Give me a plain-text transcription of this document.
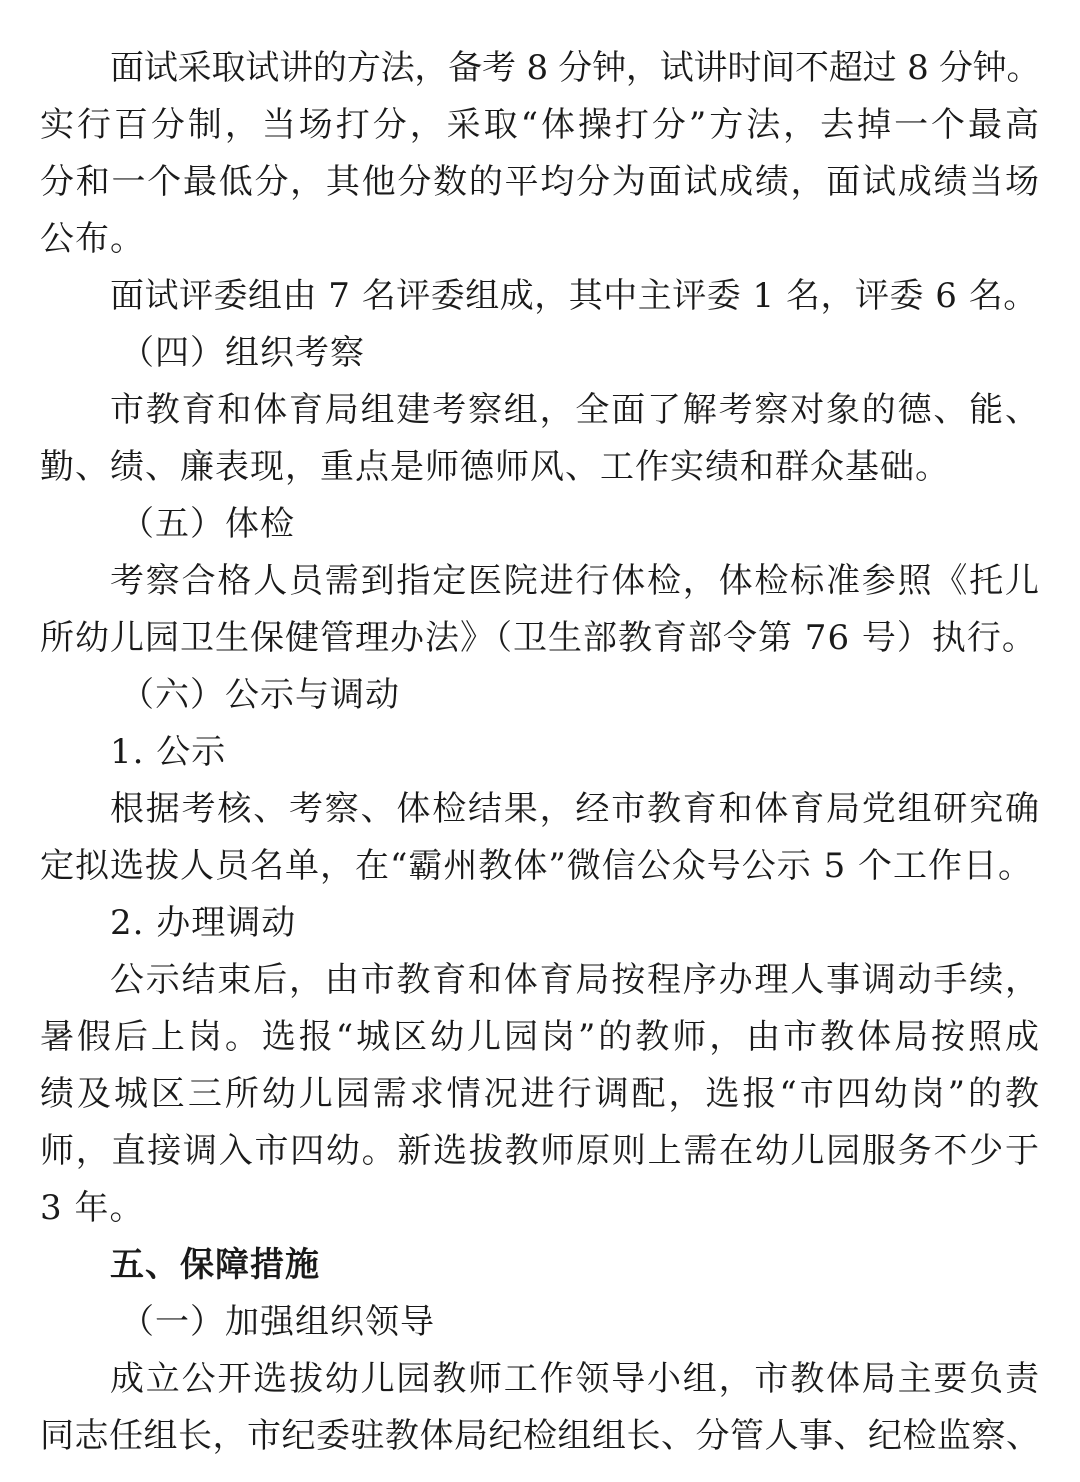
面试采取试讲的方法，备考 8 分钟，试讲时间不超过 8 分钟。
实行百分制，当场打分，采取“体操打分”方法，去掉一个最高
分和一个最低分，其他分数的平均分为面试成绩，面试成绩当场
公布。
面试评委组由 7 名评委组成，其中主评委 1 名，评委 6 名。
（四）组织考察
市教育和体育局组建考察组，全面了解考察对象的德、能、
勤、绩、廉表现，重点是师德师风、工作实绩和群众基础。
（五）体检
考察合格人员需到指定医院进行体检，体检标准参照《托儿
所幼儿园卫生保健管理办法》（卫生部教育部令第 76 号）执行。
（六）公示与调动
1. 公示
根据考核、考察、体检结果，经市教育和体育局党组研究确
定拟选拔人员名单，在“霸州教体”微信公众号公示 5 个工作日。
2. 办理调动
公示结束后，由市教育和体育局按程序办理人事调动手续，
暑假后上岗。选报“城区幼儿园岗”的教师，由市教体局按照成
绩及城区三所幼儿园需求情况进行调配，选报“市四幼岗”的教
师，直接调入市四幼。新选拔教师原则上需在幼儿园服务不少于
3 年。
五、保障措施
（一）加强组织领导
成立公开选拔幼儿园教师工作领导小组，市教体局主要负责
同志任组长，市纪委驻教体局纪检组组长、分管人事、纪检监察、
